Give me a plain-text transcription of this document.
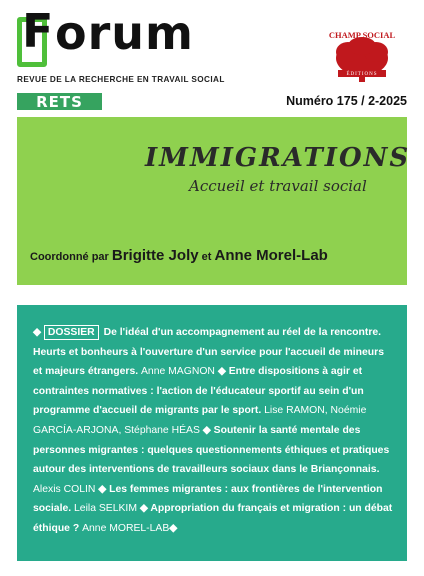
F orum
REVUE DE LA RECHERCHE EN TRAVAIL SOCIAL
RETS	Numéro 175 / 2-2025
CHAMP SOCIAL
ÉDITIONS
IMMIGRATIONS
Accueil et travail social
Coordonné par Brigitte Joly et Anne Morel-Lab
◆ DOSSIER De l'idéal d'un accompagnement au réel de la rencontre. Heurts et bonheurs à l'ouverture d'un service pour l'accueil de mineurs et majeurs étrangers. Anne MAGNON ◆ Entre dispositions à agir et contraintes normatives : l'action de l'éducateur sportif au sein d'un programme d'accueil de migrants par le sport. Lise RAMON, Noémie GARCÍA-ARJONA, Stéphane HÉAS ◆ Soutenir la santé mentale des personnes migrantes : quelques questionnements éthiques et pratiques autour des interventions de travailleurs sociaux dans le Briançonnais. Alexis COLIN ◆ Les femmes migrantes : aux frontières de l'intervention sociale. Leila SELKIM ◆ Appropriation du français et migration : un débat éthique ? Anne MOREL-LAB◆
